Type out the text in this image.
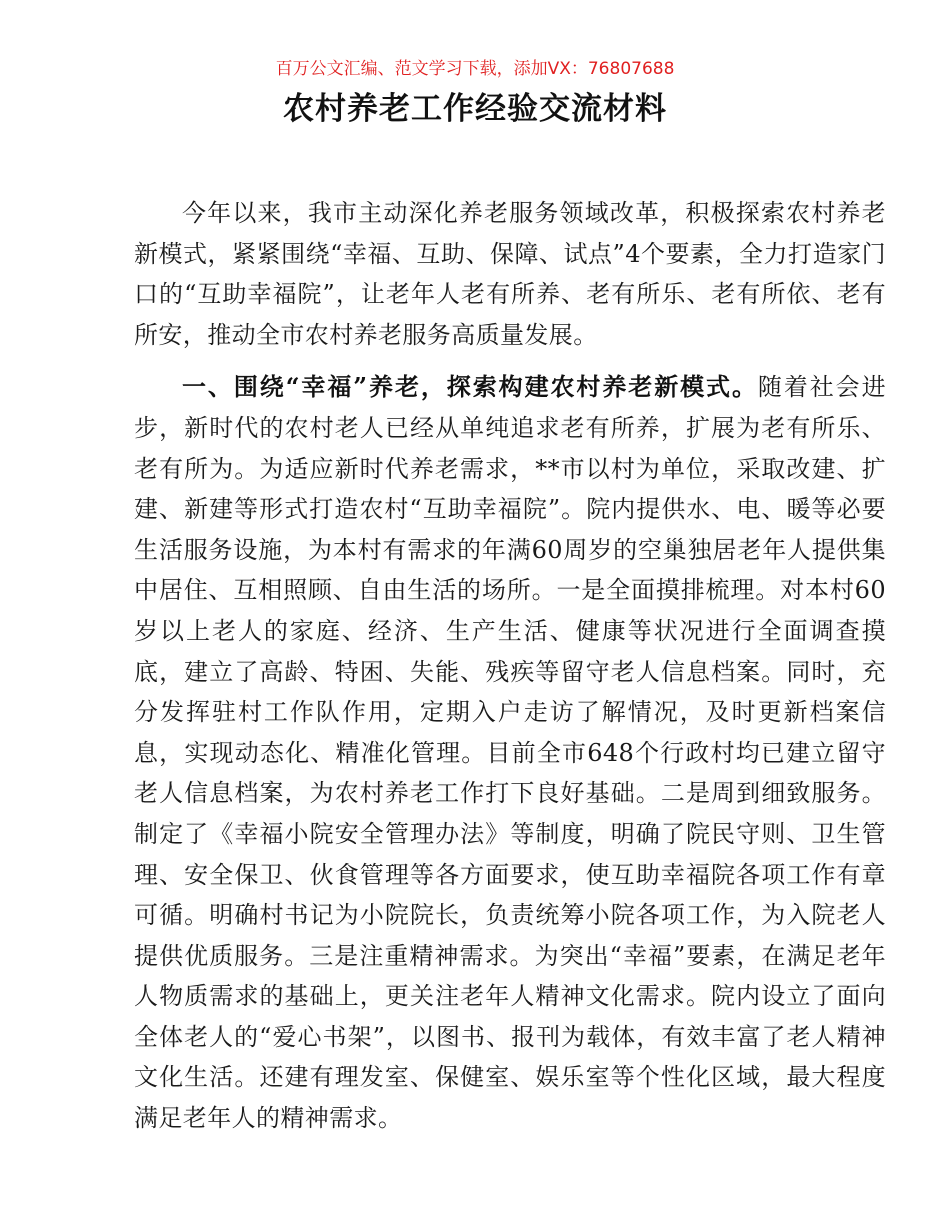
百万公文汇编、范文学习下载，添加VX：76807688
农村养老工作经验交流材料

今年以来，我市主动深化养老服务领域改革，积极探索农村养老新模式，紧紧围绕“幸福、互助、保障、试点”4个要素，全力打造家门口的“互助幸福院”，让老年人老有所养、老有所乐、老有所依、老有所安，推动全市农村养老服务高质量发展。

一、围绕“幸福”养老，探索构建农村养老新模式。随着社会进步，新时代的农村老人已经从单纯追求老有所养，扩展为老有所乐、老有所为。为适应新时代养老需求，**市以村为单位，采取改建、扩建、新建等形式打造农村“互助幸福院”。院内提供水、电、暖等必要生活服务设施，为本村有需求的年满60周岁的空巢独居老年人提供集中居住、互相照顾、自由生活的场所。一是全面摸排梳理。对本村60岁以上老人的家庭、经济、生产生活、健康等状况进行全面调查摸底，建立了高龄、特困、失能、残疾等留守老人信息档案。同时，充分发挥驻村工作队作用，定期入户走访了解情况，及时更新档案信息，实现动态化、精准化管理。目前全市648个行政村均已建立留守老人信息档案，为农村养老工作打下良好基础。二是周到细致服务。制定了《幸福小院安全管理办法》等制度，明确了院民守则、卫生管理、安全保卫、伙食管理等各方面要求，使互助幸福院各项工作有章可循。明确村书记为小院院长，负责统筹小院各项工作，为入院老人提供优质服务。三是注重精神需求。为突出“幸福”要素，在满足老年人物质需求的基础上，更关注老年人精神文化需求。院内设立了面向全体老人的“爱心书架”，以图书、报刊为载体，有效丰富了老人精神文化生活。还建有理发室、保健室、娱乐室等个性化区域，最大程度满足老年人的精神需求。
